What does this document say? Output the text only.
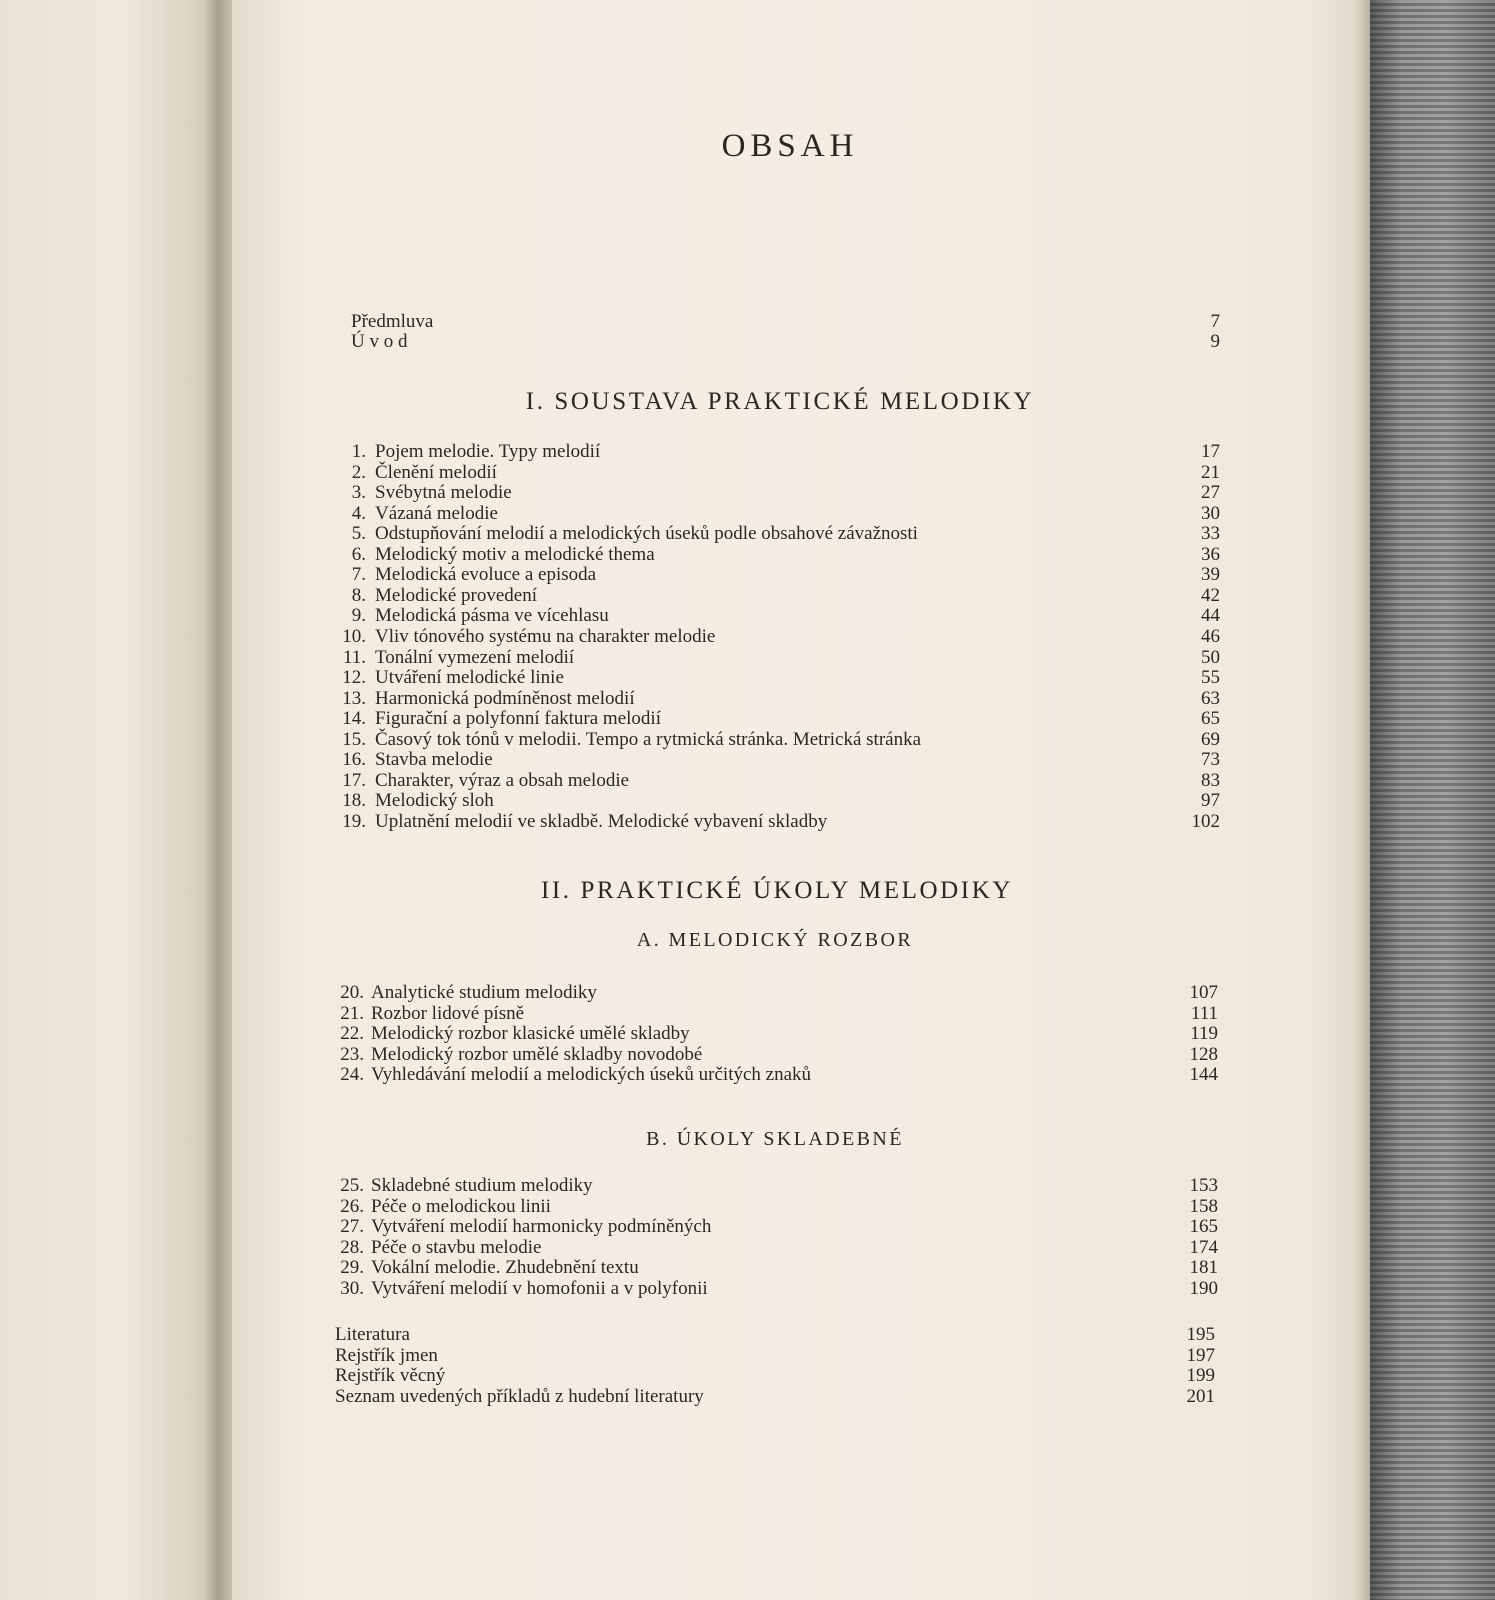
OBSAH
Předmluva	7
Ú v o d	9
I. SOUSTAVA PRAKTICKÉ MELODIKY
1. Pojem melodie. Typy melodií	17
2. Členění melodií	21
3. Svébytná melodie	27
4. Vázaná melodie	30
5. Odstupňování melodií a melodických úseků podle obsahové závažnosti	33
6. Melodický motiv a melodické thema	36
7. Melodická evoluce a episoda	39
8. Melodické provedení	42
9. Melodická pásma ve vícehlasu	44
10. Vliv tónového systému na charakter melodie	46
11. Tonální vymezení melodií	50
12. Utváření melodické linie	55
13. Harmonická podmíněnost melodií	63
14. Figurační a polyfonní faktura melodií	65
15. Časový tok tónů v melodii. Tempo a rytmická stránka. Metrická stránka	69
16. Stavba melodie	73
17. Charakter, výraz a obsah melodie	83
18. Melodický sloh	97
19. Uplatnění melodií ve skladbě. Melodické vybavení skladby	102
II. PRAKTICKÉ ÚKOLY MELODIKY
A. MELODICKÝ ROZBOR
20. Analytické studium melodiky	107
21. Rozbor lidové písně	111
22. Melodický rozbor klasické umělé skladby	119
23. Melodický rozbor umělé skladby novodobé	128
24. Vyhledávání melodií a melodických úseků určitých znaků	144
B. ÚKOLY SKLADEBNÉ
25. Skladebné studium melodiky	153
26. Péče o melodickou linii	158
27. Vytváření melodií harmonicky podmíněných	165
28. Péče o stavbu melodie	174
29. Vokální melodie. Zhudebnění textu	181
30. Vytváření melodií v homofonii a v polyfonii	190
Literatura	195
Rejstřík jmen	197
Rejstřík věcný	199
Seznam uvedených příkladů z hudební literatury	201
